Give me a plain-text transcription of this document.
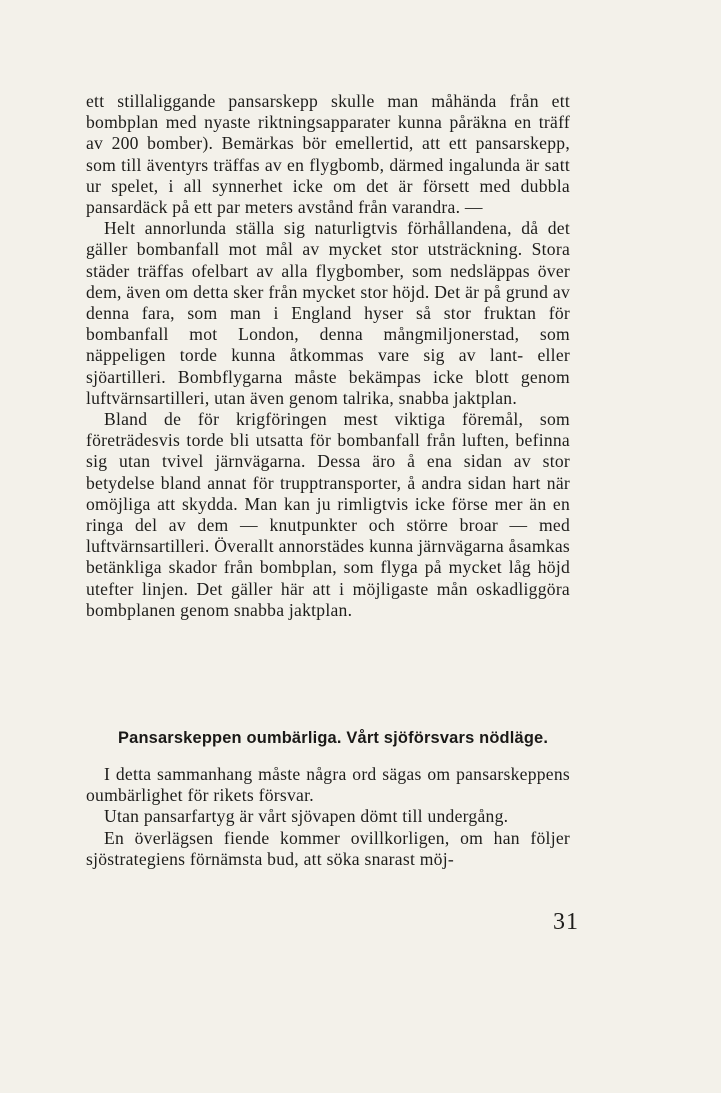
ett stillaliggande pansarskepp skulle man måhända från ett bombplan med nyaste riktningsapparater kunna påräkna en träff av 200 bomber). Bemärkas bör emellertid, att ett pansarskepp, som till äventyrs träffas av en flygbomb, därmed ingalunda är satt ur spelet, i all synnerhet icke om det är försett med dubbla pansardäck på ett par meters avstånd från varandra. —

Helt annorlunda ställa sig naturligtvis förhållandena, då det gäller bombanfall mot mål av mycket stor utsträckning. Stora städer träffas ofelbart av alla flygbomber, som nedsläppas över dem, även om detta sker från mycket stor höjd. Det är på grund av denna fara, som man i England hyser så stor fruktan för bombanfall mot London, denna mångmiljonerstad, som näppeligen torde kunna åtkommas vare sig av lant- eller sjöartilleri. Bombflygarna måste bekämpas icke blott genom luftvärnsartilleri, utan även genom talrika, snabba jaktplan.

Bland de för krigföringen mest viktiga föremål, som företrädesvis torde bli utsatta för bombanfall från luften, befinna sig utan tvivel järnvägarna. Dessa äro å ena sidan av stor betydelse bland annat för trupptransporter, å andra sidan hart när omöjliga att skydda. Man kan ju rimligtvis icke förse mer än en ringa del av dem — knutpunkter och större broar — med luftvärnsartilleri. Överallt annorstädes kunna järnvägarna åsamkas betänkliga skador från bombplan, som flyga på mycket låg höjd utefter linjen. Det gäller här att i möjligaste mån oskadliggöra bombplanen genom snabba jaktplan.

Pansarskeppen oumbärliga. Vårt sjöförsvars nödläge.

I detta sammanhang måste några ord sägas om pansarskeppens oumbärlighet för rikets försvar.

Utan pansarfartyg är vårt sjövapen dömt till undergång.

En överlägsen fiende kommer ovillkorligen, om han följer sjöstrategiens förnämsta bud, att söka snarast möj-

31
